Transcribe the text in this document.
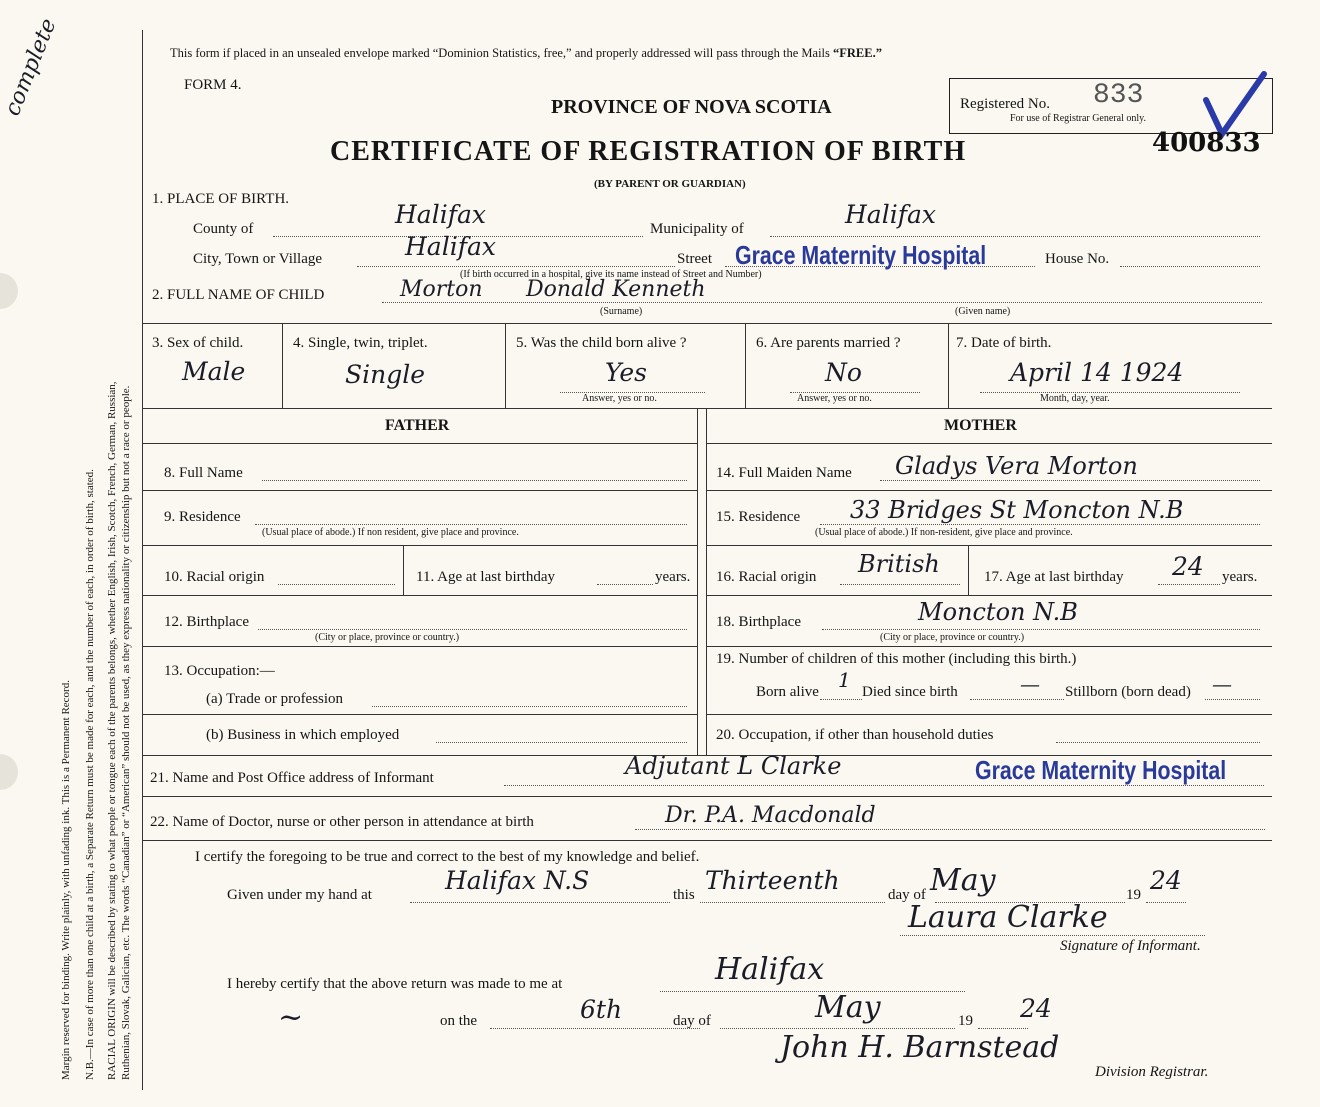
complete
Margin reserved for binding. Write plainly, with unfading ink. This is a Permanent Record. N.B.—In case of more than one child at a birth, a Separate Return must be made for each, and the number of each, in order of birth, stated. RACIAL ORIGIN will be described by stating to what people or tongue each of the parents belongs, whether English, Irish, Scotch, French, German, Russian, Ruthenian, Slovak, Galician, etc. The words “Canadian” or “American” should not be used, as they express nationality or citizenship but not a race or people.
This form if placed in an unsealed envelope marked “Dominion Statistics, free,” and properly addressed will pass through the Mails “FREE.”
FORM 4.
PROVINCE OF NOVA SCOTIA
CERTIFICATE OF REGISTRATION OF BIRTH
(BY PARENT OR GUARDIAN)
Registered No. 833
For use of Registrar General only.
400833
1. PLACE OF BIRTH.
County of	Halifax	Municipality of	Halifax
City, Town or Village	Halifax	Street Grace Maternity Hospital	House No.
(If birth occurred in a hospital, give its name instead of Street and Number)
2. FULL NAME OF CHILD	Morton Donald Kenneth
(Surname)	(Given name)
3. Sex of child.
Male
4. Single, twin, triplet.
Single
5. Was the child born alive ?
Yes
Answer, yes or no.
6. Are parents married ?
No
Answer, yes or no.
7. Date of birth.
April 14 1924
Month, day, year.
FATHER	MOTHER
8. Full Name	14. Full Maiden Name Gladys Vera Morton
9. Residence
(Usual place of abode.) If non resident, give place and province.
15. Residence 33 Bridges St Moncton N.B
(Usual place of abode.) If non-resident, give place and province.
10. Racial origin	11. Age at last birthday	years. 16. Racial origin British	17. Age at last birthday 24 years.
12. Birthplace
(City or place, province or country.)
18. Birthplace	Moncton N.B
(City or place, province or country.)
13. Occupation:—
(a) Trade or profession
19. Number of children of this mother (including this birth.)
Born alive 1 Died since birth	— Stillborn (born dead) —
(b) Business in which employed	20. Occupation, if other than household duties
21. Name and Post Office address of Informant	Adjutant L Clarke	Grace Maternity Hospital
22. Name of Doctor, nurse or other person in attendance at birth	Dr. P.A. Macdonald
I certify the foregoing to be true and correct to the best of my knowledge and belief.
Given under my hand at	Halifax N.S	this Thirteenth	day of May	19 24
Laura Clarke
Signature of Informant.
I hereby certify that the above return was made to me at	Halifax
~	on the	6th	day of	May	19 24
John H. Barnstead
Division Registrar.
